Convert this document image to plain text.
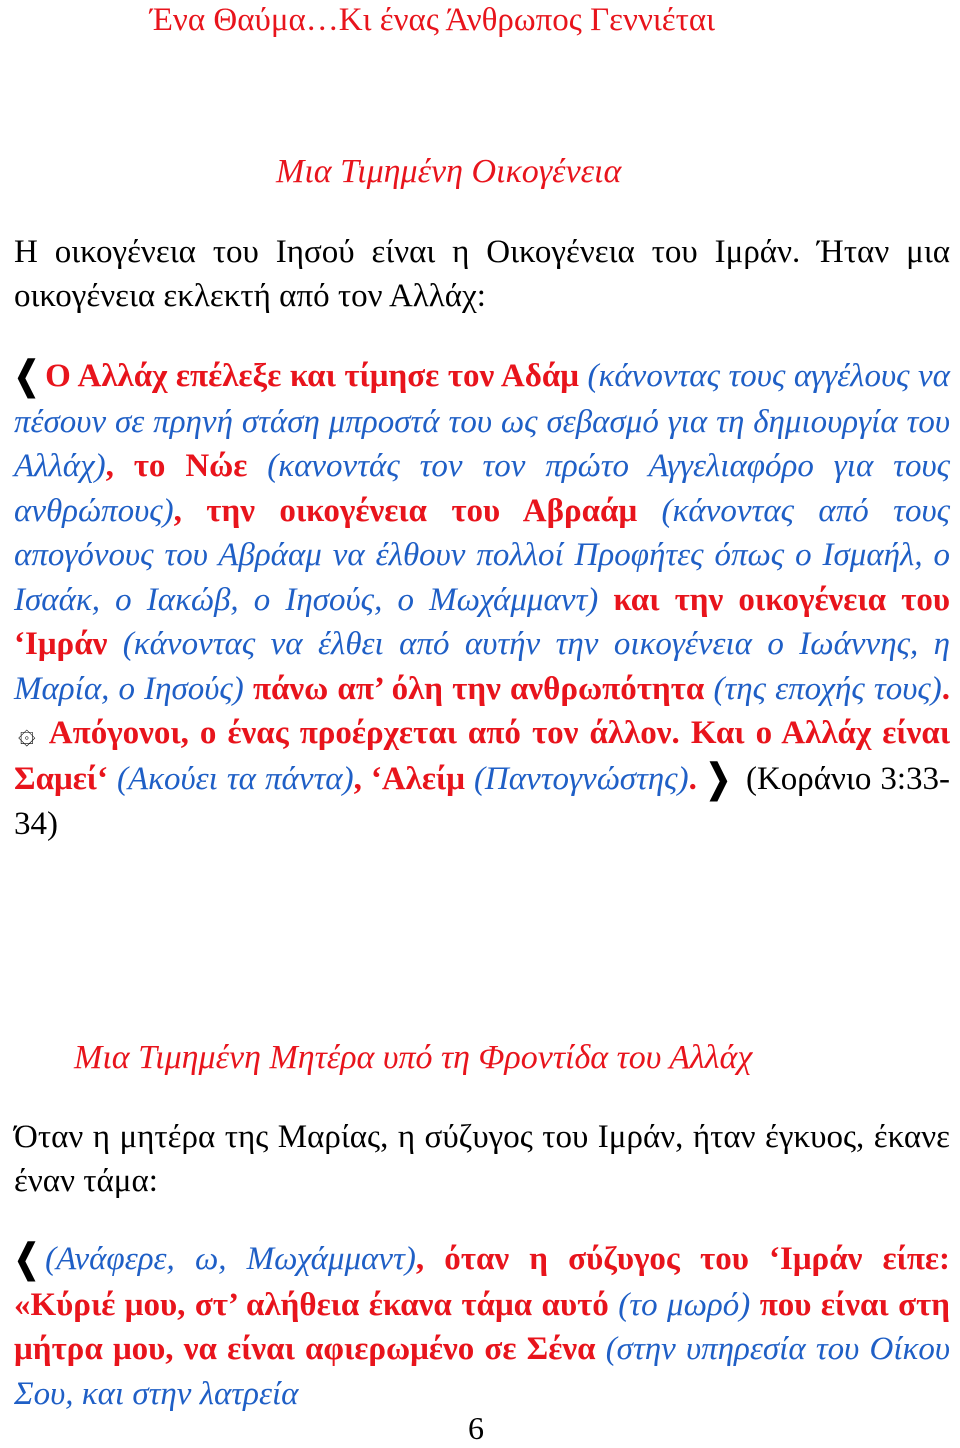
Ένα Θαύμα…Κι ένας Άνθρωπος Γεννιέται
Μια Τιμημένη Οικογένεια
Η οικογένεια του Ιησού είναι η Οικογένεια του Ιμράν. Ήταν μια οικογένεια εκλεκτή από τον Αλλάχ:
❮ Ο Αλλάχ επέλεξε και τίμησε τον Αδάμ (κάνοντας τους αγγέλους να πέσουν σε πρηνή στάση μπροστά του ως σεβασμό για τη δημιουργία του Αλλάχ), το Νώε (κανοντάς τον τον πρώτο Αγγελιαφόρο για τους ανθρώπους), την οικογένεια του Αβραάμ (κάνοντας από τους απογόνους του Αβράαμ να έλθουν πολλοί Προφήτες όπως ο Ισμαήλ, ο Ισαάκ, ο Ιακώβ, ο Ιησούς, ο Μωχάμμαντ) και την οικογένεια του ‘Ιμράν (κάνοντας να έλθει από αυτήν την οικογένεια ο Ιωάννης, η Μαρία, ο Ιησούς) πάνω απ’ όλη την ανθρωπότητα (της εποχής τους). ۞ Απόγονοι, ο ένας προέρχεται από τον άλλον. Και ο Αλλάχ είναι Σαμεί‘ (Ακούει τα πάντα), ‘Αλείμ (Παντογνώστης). ❯ (Κοράνιο 3:33-34)
Μια Τιμημένη Μητέρα υπό τη Φροντίδα του Αλλάχ
Όταν η μητέρα της Μαρίας, η σύζυγος του Ιμράν, ήταν έγκυος, έκανε έναν τάμα:
❮ (Ανάφερε, ω, Μωχάμμαντ), όταν η σύζυγος του ‘Ιμράν είπε: «Κύριέ μου, στ’ αλήθεια έκανα τάμα αυτό (το μωρό) που είναι στη μήτρα μου, να είναι αφιερωμένο σε Σένα (στην υπηρεσία του Οίκου Σου, και στην λατρεία
6
